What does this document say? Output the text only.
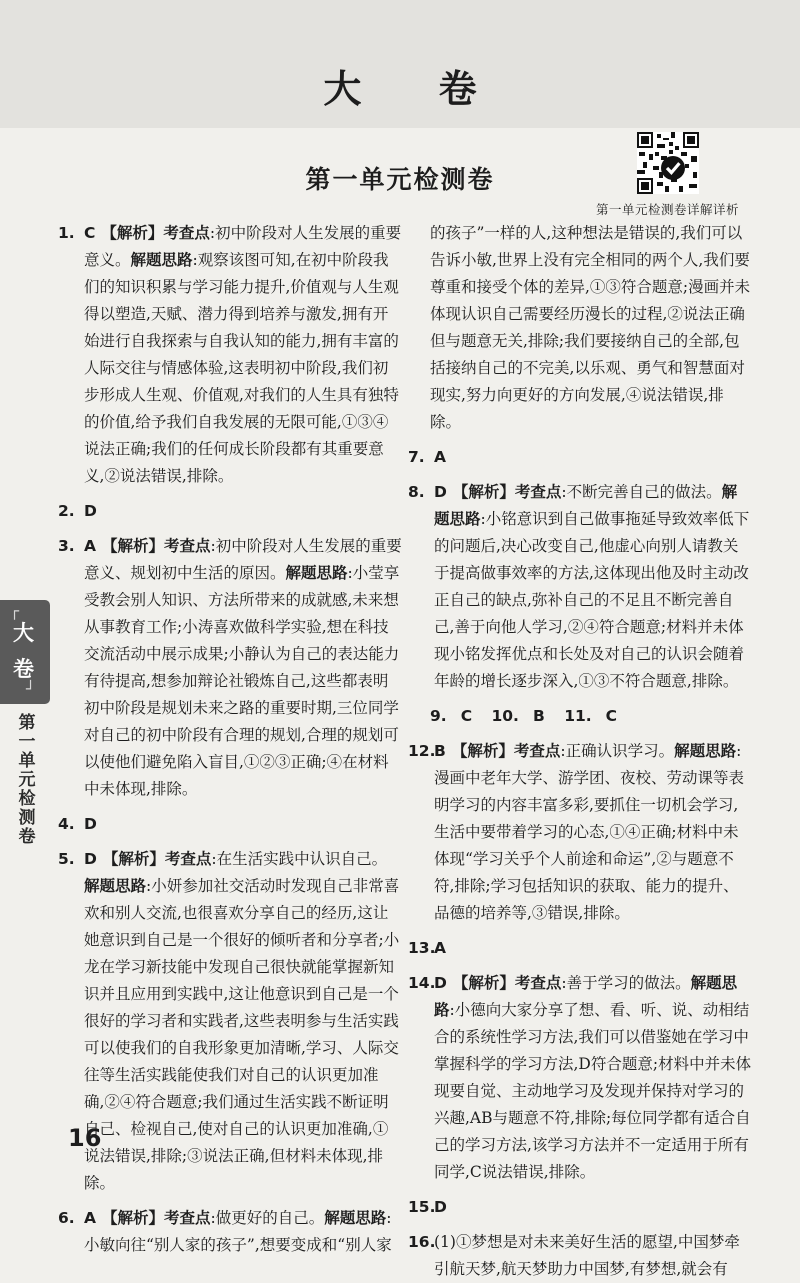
大 卷
第一单元检测卷详解详析
第一单元检测卷
┌
大
卷
┘
第
一
单
元
检
测
卷

1. C 【解析】考查点:初中阶段对人生发展的重要意义。解题思路:观察该图可知,在初中阶段我们的知识积累与学习能力提升,价值观与人生观得以塑造,天赋、潜力得到培养与激发,拥有开始进行自我探索与自我认知的能力,拥有丰富的人际交往与情感体验,这表明初中阶段,我们初步形成人生观、价值观,对我们的人生具有独特的价值,给予我们自我发展的无限可能,①③④说法正确;我们的任何成长阶段都有其重要意义,②说法错误,排除。

2. D

3. A 【解析】考查点:初中阶段对人生发展的重要意义、规划初中生活的原因。解题思路:小莹享受教会别人知识、方法所带来的成就感,未来想从事教育工作;小涛喜欢做科学实验,想在科技交流活动中展示成果;小静认为自己的表达能力有待提高,想参加辩论社锻炼自己,这些都表明初中阶段是规划未来之路的重要时期,三位同学对自己的初中阶段有合理的规划,合理的规划可以使他们避免陷入盲目,①②③正确;④在材料中未体现,排除。

4. D

5. D 【解析】考查点:在生活实践中认识自己。解题思路:小妍参加社交活动时发现自己非常喜欢和别人交流,也很喜欢分享自己的经历,这让她意识到自己是一个很好的倾听者和分享者;小龙在学习新技能中发现自己很快就能掌握新知识并且应用到实践中,这让他意识到自己是一个很好的学习者和实践者,这些表明参与生活实践可以使我们的自我形象更加清晰,学习、人际交往等生活实践能使我们对自己的认识更加准确,②④符合题意;我们通过生活实践不断证明自己、检视自己,使对自己的认识更加准确,①说法错误,排除;③说法正确,但材料未体现,排除。

6. A 【解析】考查点:做更好的自己。解题思路:小敏向往“别人家的孩子”,想要变成和“别人家

的孩子”一样的人,这种想法是错误的,我们可以告诉小敏,世界上没有完全相同的两个人,我们要尊重和接受个体的差异,①③符合题意;漫画并未体现认识自己需要经历漫长的过程,②说法正确但与题意无关,排除;我们要接纳自己的全部,包括接纳自己的不完美,以乐观、勇气和智慧面对现实,努力向更好的方向发展,④说法错误,排除。

7. A

8. D 【解析】考查点:不断完善自己的做法。解题思路:小铭意识到自己做事拖延导致效率低下的问题后,决心改变自己,他虚心向别人请教关于提高做事效率的方法,这体现出他及时主动改正自己的缺点,弥补自己的不足且不断完善自己,善于向他人学习,②④符合题意;材料并未体现小铭发挥优点和长处及对自己的认识会随着年龄的增长逐步深入,①③不符合题意,排除。

9. C 10. B 11. C

12.
B 【解析】考查点:正确认识学习。解题思路:漫画中老年大学、游学团、夜校、劳动课等表明学习的内容丰富多彩,要抓住一切机会学习,生活中要带着学习的心态,①④正确;材料中未体现“学习关乎个人前途和命运”,②与题意不符,排除;学习包括知识的获取、能力的提升、品德的培养等,③错误,排除。

13.
A

14.
D 【解析】考查点:善于学习的做法。解题思路:小德向大家分享了想、看、听、说、动相结合的系统性学习方法,我们可以借鉴她在学习中掌握科学的学习方法,D符合题意;材料中并未体现要自觉、主动地学习及发现并保持对学习的兴趣,AB与题意不符,排除;每位同学都有适合自己的学习方法,该学习方法并不一定适用于所有同学,C说法错误,排除。

15.
D

16.
(1)①梦想是对未来美好生活的愿望,中国梦牵引航天梦,航天梦助力中国梦,有梦想,就会有

16
